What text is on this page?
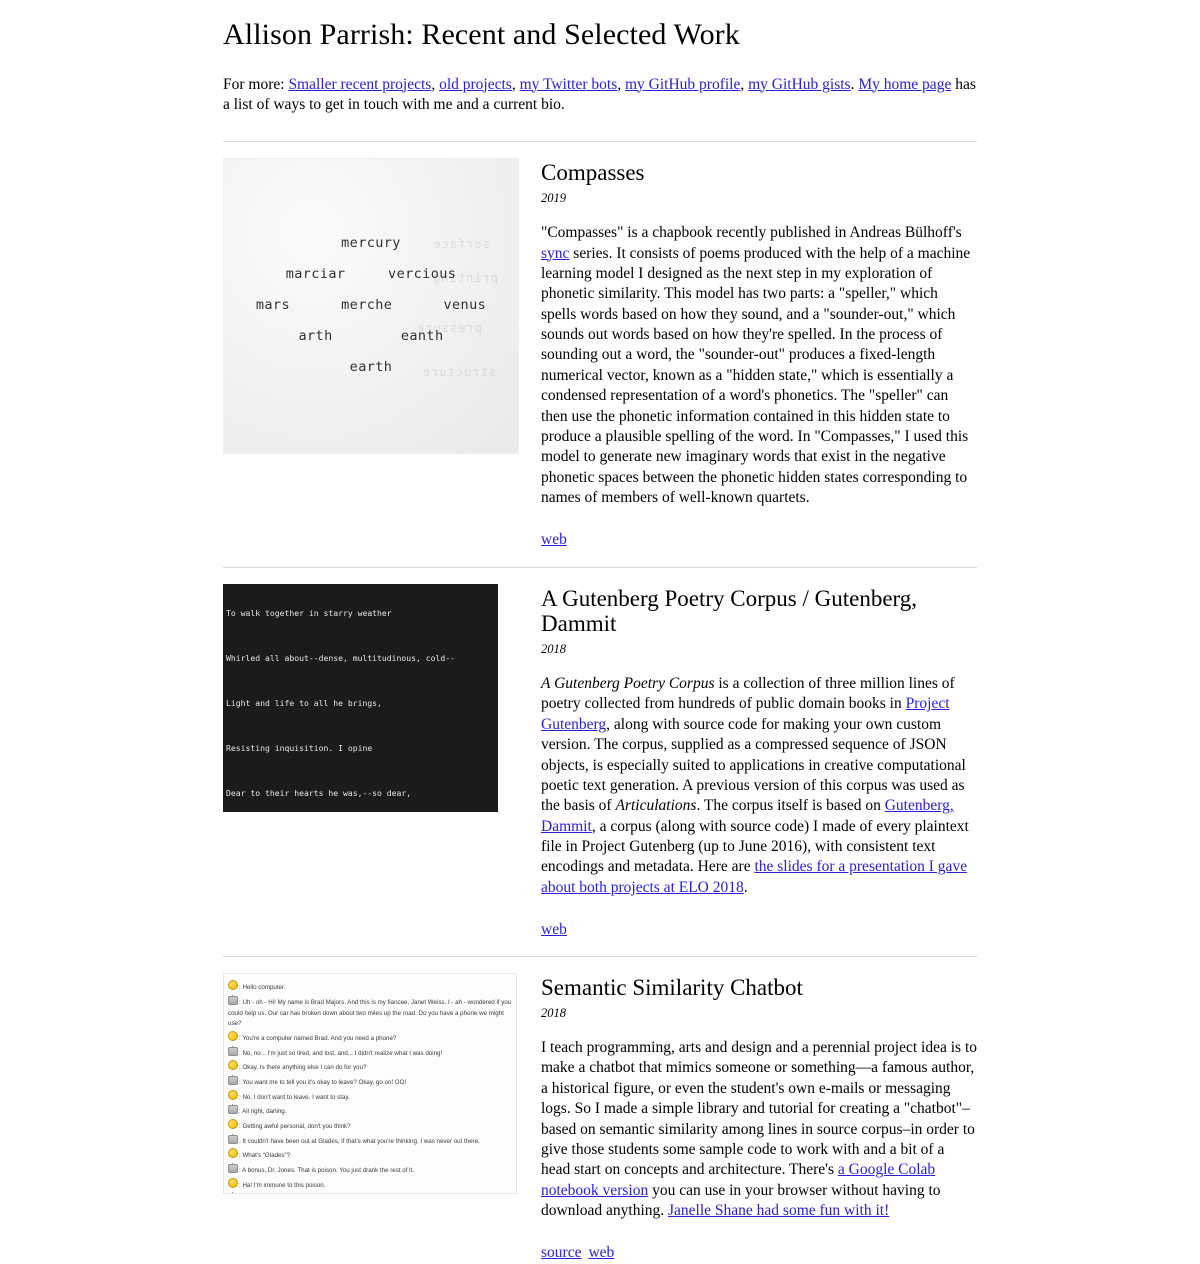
Allison Parrish: Recent and Selected Work

For more: Smaller recent projects, old projects, my Twitter bots, my GitHub profile, my GitHub gists. My home page has a list of ways to get in touch with me and a current bio.

surface
printing
pressure
structure
mercury
marciar     vercious
mars      merche      venus
arth        eanth
earth
Compasses
2019

"Compasses" is a chapbook recently published in Andreas Bülhoff's sync series. It consists of poems produced with the help of a machine learning model I designed as the next step in my exploration of phonetic similarity. This model has two parts: a "speller," which spells words based on how they sound, and a "sounder-out," which sounds out words based on how they're spelled. In the process of sounding out a word, the "sounder-out" produces a fixed-length numerical vector, known as a "hidden state," which is essentially a condensed representation of a word's phonetics. The "speller" can then use the phonetic information contained in this hidden state to produce a plausible spelling of the word. In "Compasses," I used this model to generate new imaginary words that exist in the negative phonetic spaces between the phonetic hidden states corresponding to names of members of well-known quartets.

web

To walk together in starry weather

Whirled all about--dense, multitudinous, cold--

Light and life to all he brings,

Resisting inquisition. I opine

Dear to their hearts he was,--so dear,

A Gutenberg Poetry Corpus / Gutenberg, Dammit
2018

A Gutenberg Poetry Corpus is a collection of three million lines of poetry collected from hundreds of public domain books in Project Gutenberg, along with source code for making your own custom version. The corpus, supplied as a compressed sequence of JSON objects, is especially suited to applications in creative computational poetic text generation. A previous version of this corpus was used as the basis of Articulations. The corpus itself is based on Gutenberg, Dammit, a corpus (along with source code) I made of every plaintext file in Project Gutenberg (up to June 2016), with consistent text encodings and metadata. Here are the slides for a presentation I gave about both projects at ELO 2018.

web
: Hello computer.
: Uh - oh - Hi! My name is Brad Majors. And this is my fiancee, Janet Weiss. I - ah - wondered if you could help us. Our car has broken down about two miles up the road. Do you have a phone we might use?
: You're a computer named Brad. And you need a phone?
: No, no... I'm just so tired, and lost, and... I didn't realize what I was doing!
: Okay. Is there anything else I can do for you?
: You want me to tell you it's okay to leave? Okay, go on! GO!
: No, I don't want to leave. I want to stay.
: All right, darling.
: Getting awful personal, don't you think?
: It couldn't have been out at Glades, if that's what you're thinking. I was never out there.
: What's “Glades”?
: A bonus, Dr. Jones. That is poison. You just drank the rest of it.
: Ha! I'm immune to this poison.
Semantic Similarity Chatbot
2018

I teach programming, arts and design and a perennial project idea is to make a chatbot that mimics someone or something—a famous author, a historical figure, or even the student's own e-mails or messaging logs. So I made a simple library and tutorial for creating a "chatbot"–based on semantic similarity among lines in source corpus–in order to give those students some sample code to work with and a bit of a head start on concepts and architecture. There's a Google Colab notebook version you can use in your browser without having to download anything. Janelle Shane had some fun with it!

source web
